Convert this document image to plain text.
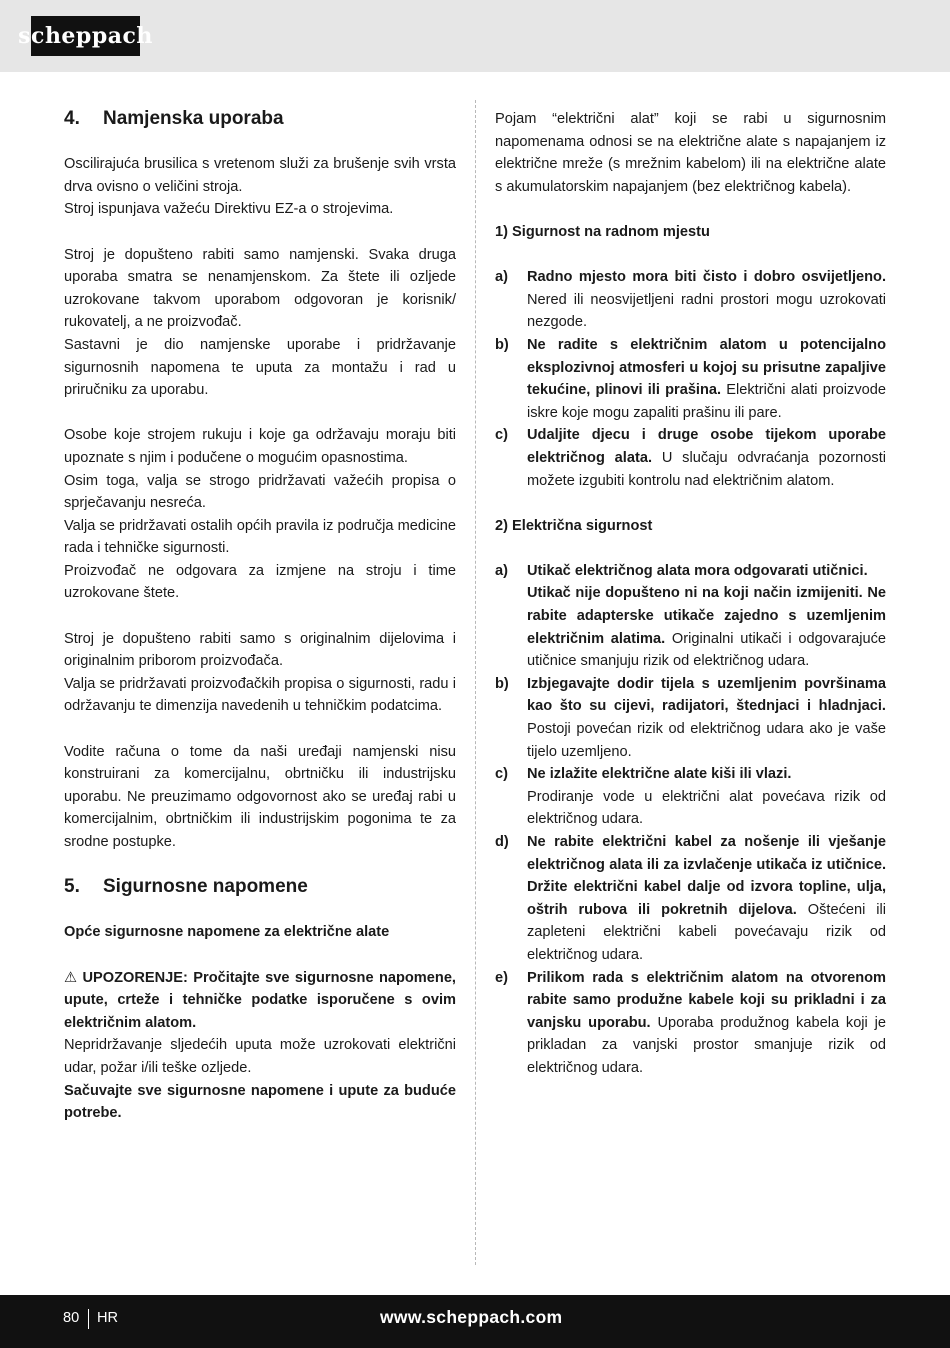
scheppach
4.	Namjenska uporaba

Oscilirajuća brusilica s vretenom služi za brušenje svih vrsta drva ovisno o veličini stroja.

Stroj ispunjava važeću Direktivu EZ-a o strojevima.

Stroj je dopušteno rabiti samo namjenski. Svaka druga uporaba smatra se nenamjenskom. Za štete ili ozljede uzrokovane takvom uporabom odgovoran je korisnik/ rukovatelj, a ne proizvođač.

Sastavni je dio namjenske uporabe i pridržavanje sigurnosnih napomena te uputa za montažu i rad u priručniku za uporabu.

Osobe koje strojem rukuju i koje ga održavaju moraju biti upoznate s njim i podučene o mogućim opasnostima.

Osim toga, valja se strogo pridržavati važećih propisa o sprječavanju nesreća.

Valja se pridržavati ostalih općih pravila iz područja medicine rada i tehničke sigurnosti.

Proizvođač ne odgovara za izmjene na stroju i time uzrokovane štete.

Stroj je dopušteno rabiti samo s originalnim dijelovima i originalnim priborom proizvođača.

Valja se pridržavati proizvođačkih propisa o sigurnosti, radu i održavanju te dimenzija navedenih u tehničkim podatcima.

Vodite računa o tome da naši uređaji namjenski nisu konstruirani za komercijalnu, obrtničku ili industrijsku uporabu. Ne preuzimamo odgovornost ako se uređaj rabi u komercijalnim, obrtničkim ili industrijskim pogonima te za srodne postupke.

5.	Sigurnosne napomene

Opće sigurnosne napomene za električne alate

⚠ UPOZORENJE: Pročitajte sve sigurnosne napomene, upute, crteže i tehničke podatke isporučene s ovim električnim alatom.

Nepridržavanje sljedećih uputa može uzrokovati električni udar, požar i/ili teške ozljede.

Sačuvajte sve sigurnosne napomene i upute za buduće potrebe.

Pojam “električni alat” koji se rabi u sigurnosnim napomenama odnosi se na električne alate s napajanjem iz električne mreže (s mrežnim kabelom) ili na električne alate s akumulatorskim napajanjem (bez električnog kabela).

1) Sigurnost na radnom mjestu

a) Radno mjesto mora biti čisto i dobro osvijetljeno. Nered ili neosvijetljeni radni prostori mogu uzrokovati nezgode.
b) Ne radite s električnim alatom u potencijalno eksplozivnoj atmosferi u kojoj su prisutne zapaljive tekućine, plinovi ili prašina. Električni alati proizvode iskre koje mogu zapaliti prašinu ili pare.
c) Udaljite djecu i druge osobe tijekom uporabe električnog alata. U slučaju odvraćanja pozornosti možete izgubiti kontrolu nad električnim alatom.

2) Električna sigurnost

a) Utikač električnog alata mora odgovarati utičnici.
Utikač nije dopušteno ni na koji način izmijeniti. Ne rabite adapterske utikače zajedno s uzemljenim električnim alatima. Originalni utikači i odgovarajuće utičnice smanjuju rizik od električnog udara.
b) Izbjegavajte dodir tijela s uzemljenim površinama kao što su cijevi, radijatori, štednjaci i hladnjaci. Postoji povećan rizik od električnog udara ako je vaše tijelo uzemljeno.
c) Ne izlažite električne alate kiši ili vlazi.
Prodiranje vode u električni alat povećava rizik od električnog udara.
d) Ne rabite električni kabel za nošenje ili vješanje električnog alata ili za izvlačenje utikača iz utičnice. Držite električni kabel dalje od izvora topline, ulja, oštrih rubova ili pokretnih dijelova. Oštećeni ili zapleteni električni kabeli povećavaju rizik od električnog udara.
e) Prilikom rada s električnim alatom na otvorenom rabite samo produžne kabele koji su prikladni i za vanjsku uporabu. Uporaba produžnog kabela koji je prikladan za vanjski prostor smanjuje rizik od električnog udara.
80 HR	www.scheppach.com
